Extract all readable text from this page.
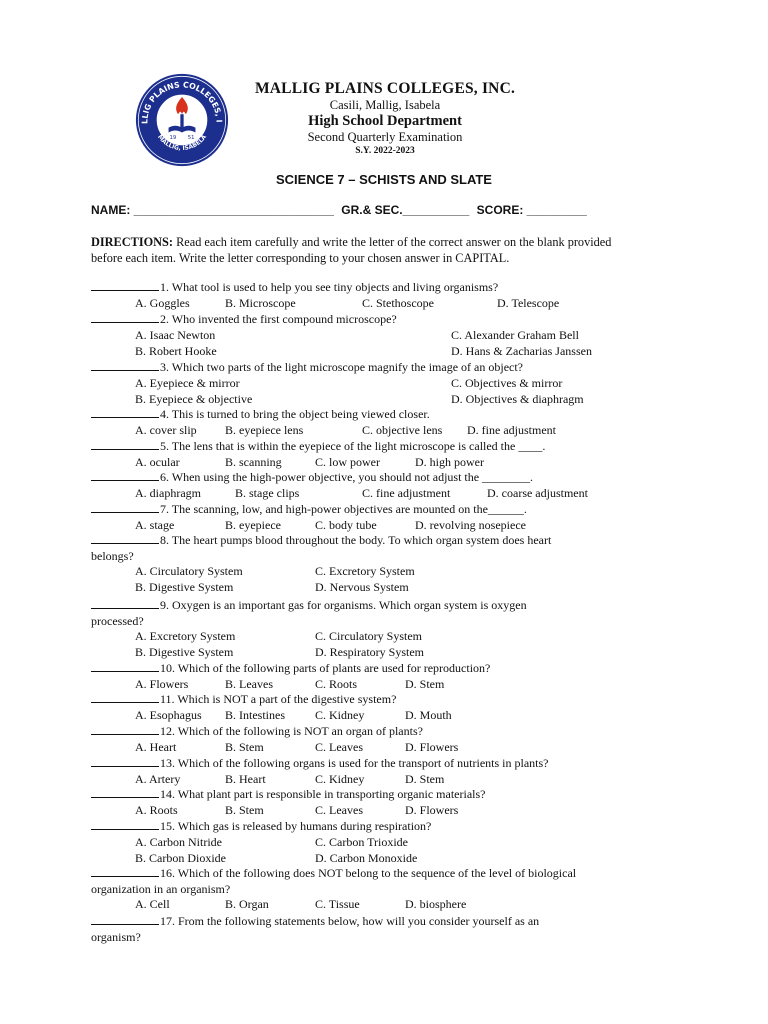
LLIG PLAINS COLLEGES, I
MALLIG, ISABELA
19 51
MALLIG PLAINS COLLEGES, INC.
Casili, Mallig, Isabela
High School Department
Second Quarterly Examination
S.Y. 2022-2023
SCIENCE 7 – SCHISTS AND SLATE
NAME: ______________________________ GR.& SEC.__________ SCORE: _________
DIRECTIONS: Read each item carefully and write the letter of the correct answer on the blank provided before each item. Write the letter corresponding to your chosen answer in CAPITAL.
1. What tool is used to help you see tiny objects and living organisms?
A. Goggles	B. Microscope	C. Stethoscope	D. Telescope
2. Who invented the first compound microscope?
A. Isaac Newton	C. Alexander Graham Bell
B. Robert Hooke	D. Hans & Zacharias Janssen
3. Which two parts of the light microscope magnify the image of an object?
A. Eyepiece & mirror	C. Objectives & mirror
B. Eyepiece & objective	D. Objectives & diaphragm
4. This is turned to bring the object being viewed closer.
A. cover slip B. eyepiece lens	C. objective lens D. fine adjustment
5. The lens that is within the eyepiece of the light microscope is called the ____.
A. ocular	B. scanning	C. low power	D. high power
6. When using the high-power objective, you should not adjust the ________.
A. diaphragm	B. stage clips	C. fine adjustment	D. coarse adjustment
7. The scanning, low, and high-power objectives are mounted on the______.
A. stage	B. eyepiece	C. body tube	D. revolving nosepiece
8. The heart pumps blood throughout the body. To which organ system does heart
belongs?
A. Circulatory System	C. Excretory System
B. Digestive System	D. Nervous System
9. Oxygen is an important gas for organisms. Which organ system is oxygen
processed?
A. Excretory System	C. Circulatory System
B. Digestive System	D. Respiratory System
10. Which of the following parts of plants are used for reproduction?
A. Flowers	B. Leaves	C. Roots	D. Stem
11. Which is NOT a part of the digestive system?
A. Esophagus B. Intestines	C. Kidney	D. Mouth
12. Which of the following is NOT an organ of plants?
A. Heart	B. Stem	C. Leaves	D. Flowers
13. Which of the following organs is used for the transport of nutrients in plants?
A. Artery	B. Heart	C. Kidney	D. Stem
14. What plant part is responsible in transporting organic materials?
A. Roots	B. Stem	C. Leaves	D. Flowers
15. Which gas is released by humans during respiration?
A. Carbon Nitride	C. Carbon Trioxide
B. Carbon Dioxide	D. Carbon Monoxide
16. Which of the following does NOT belong to the sequence of the level of biological
organization in an organism?
A. Cell	B. Organ	C. Tissue	D. biosphere
17. From the following statements below, how will you consider yourself as an
organism?
